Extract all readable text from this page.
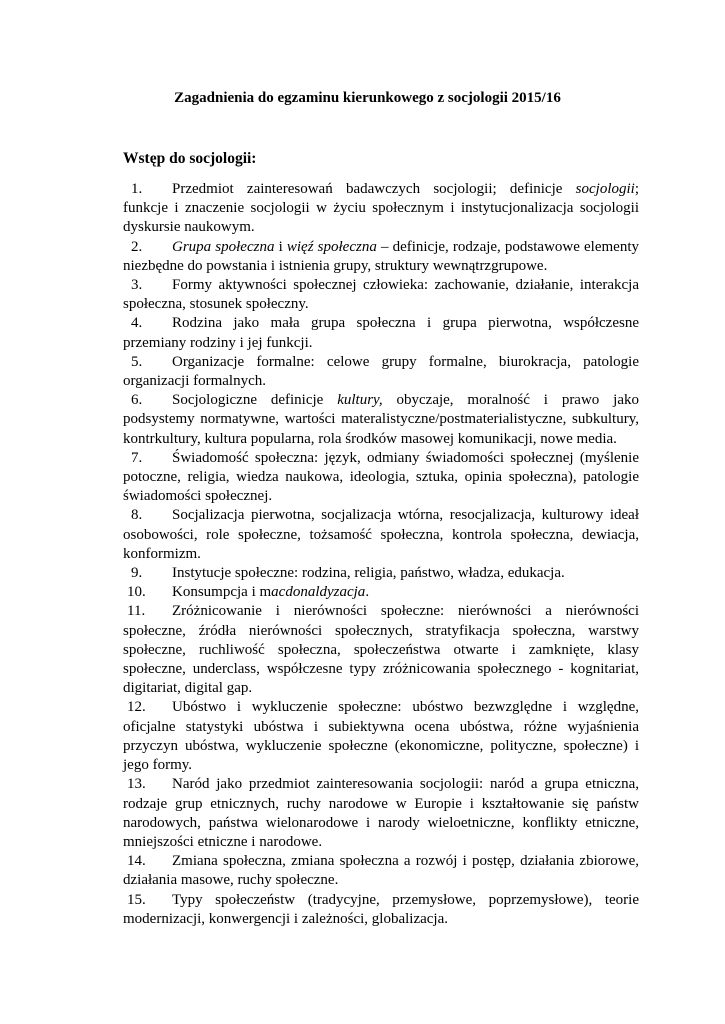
Zagadnienia do egzaminu kierunkowego z socjologii 2015/16
Wstęp do socjologii:
1. Przedmiot zainteresowań badawczych socjologii; definicje socjologii; funkcje i znaczenie socjologii w życiu społecznym i instytucjonalizacja socjologii dyskursie naukowym.
2. Grupa społeczna i więź społeczna – definicje, rodzaje, podstawowe elementy niezbędne do powstania i istnienia grupy, struktury wewnątrzgrupowe.
3. Formy aktywności społecznej człowieka: zachowanie, działanie, interakcja społeczna, stosunek społeczny.
4. Rodzina jako mała grupa społeczna i grupa pierwotna, współczesne przemiany rodziny i jej funkcji.
5. Organizacje formalne: celowe grupy formalne, biurokracja, patologie organizacji formalnych.
6. Socjologiczne definicje kultury, obyczaje, moralność i prawo jako podsystemy normatywne, wartości materalistyczne/postmaterialistyczne, subkultury, kontrkultury, kultura popularna, rola środków masowej komunikacji, nowe media.
7. Świadomość społeczna: język, odmiany świadomości społecznej (myślenie potoczne, religia, wiedza naukowa, ideologia, sztuka, opinia społeczna), patologie świadomości społecznej.
8. Socjalizacja pierwotna, socjalizacja wtórna, resocjalizacja, kulturowy ideał osobowości, role społeczne, tożsamość społeczna, kontrola społeczna, dewiacja, konformizm.
9. Instytucje społeczne: rodzina, religia, państwo, władza, edukacja.
10. Konsumpcja i macdonaldyzacja.
11. Zróżnicowanie i nierówności społeczne: nierówności a nierówności społeczne, źródła nierówności społecznych, stratyfikacja społeczna, warstwy społeczne, ruchliwość społeczna, społeczeństwa otwarte i zamknięte, klasy społeczne, underclass, współczesne typy zróżnicowania społecznego - kognitariat, digitariat, digital gap.
12. Ubóstwo i wykluczenie społeczne: ubóstwo bezwzględne i względne, oficjalne statystyki ubóstwa i subiektywna ocena ubóstwa, różne wyjaśnienia przyczyn ubóstwa, wykluczenie społeczne (ekonomiczne, polityczne, społeczne) i jego formy.
13. Naród jako przedmiot zainteresowania socjologii: naród a grupa etniczna, rodzaje grup etnicznych, ruchy narodowe w Europie i kształtowanie się państw narodowych, państwa wielonarodowe i narody wieloetniczne, konflikty etniczne, mniejszości etniczne i narodowe.
14. Zmiana społeczna, zmiana społeczna a rozwój i postęp, działania zbiorowe, działania masowe, ruchy społeczne.
15. Typy społeczeństw (tradycyjne, przemysłowe, poprzemysłowe), teorie modernizacji, konwergencji i zależności, globalizacja.
